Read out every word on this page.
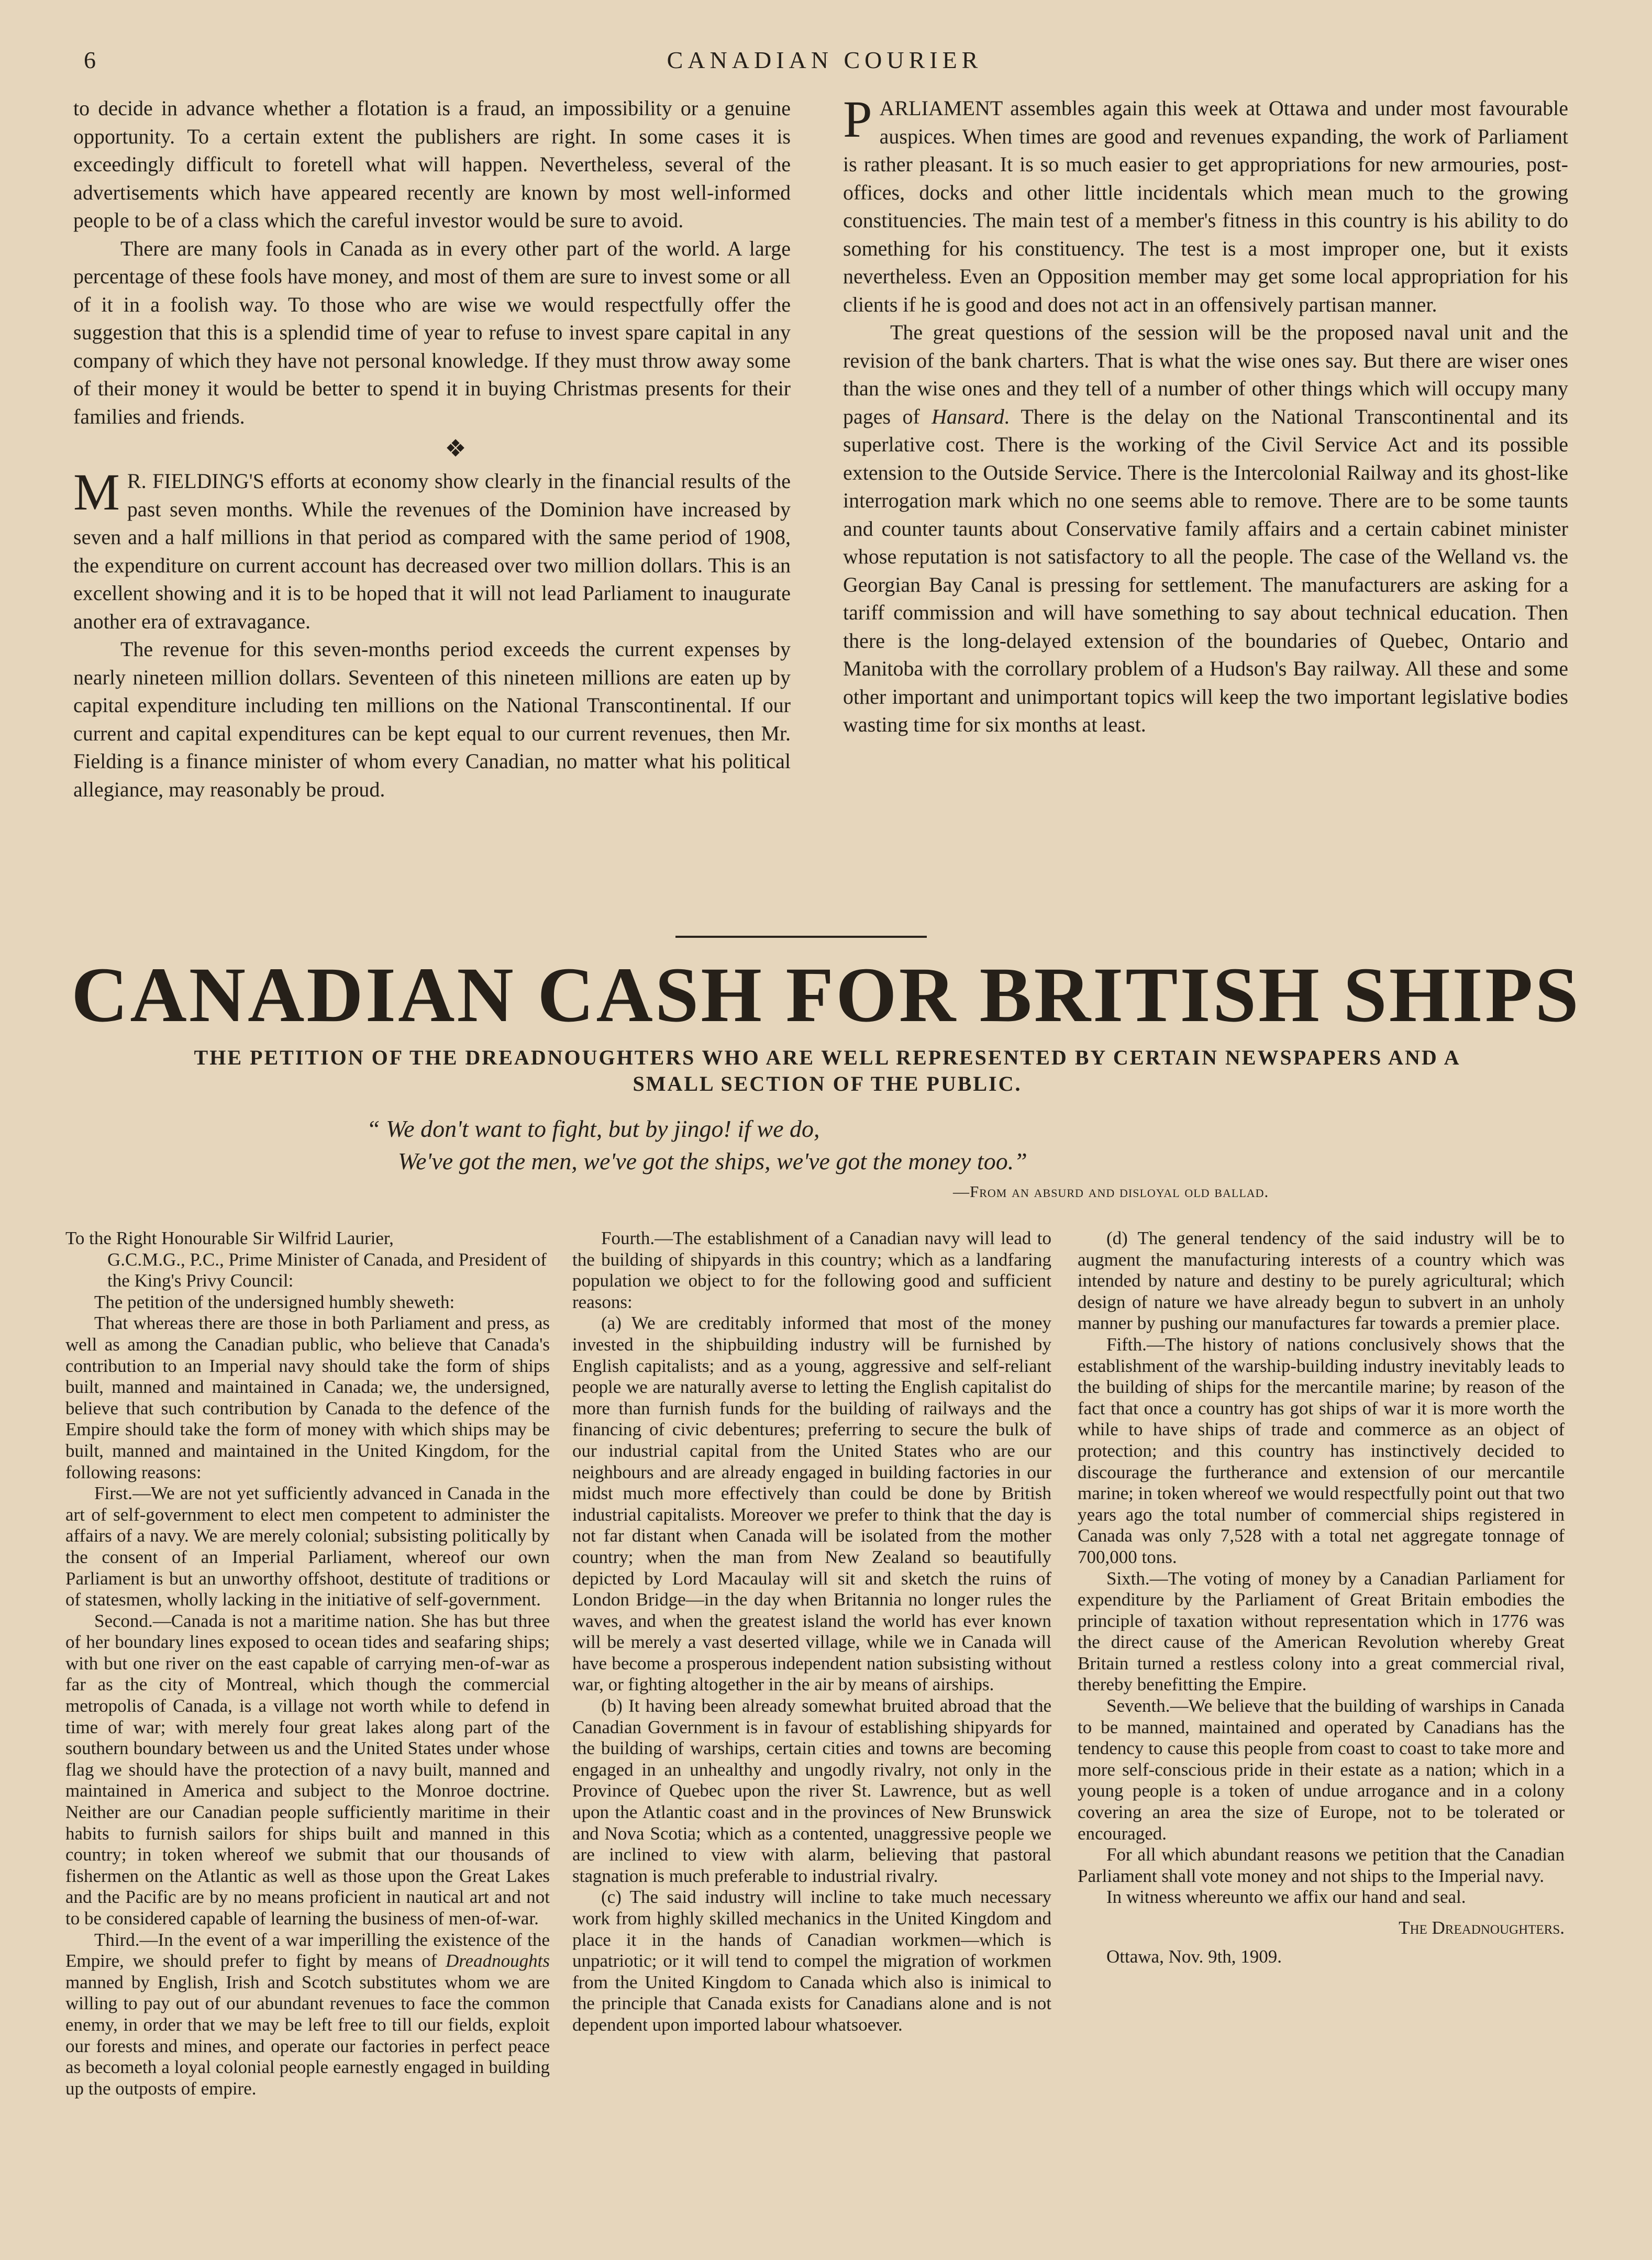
6	CANADIAN COURIER

to decide in advance whether a flotation is a fraud, an impossibility or a genuine opportunity. To a certain extent the publishers are right. In some cases it is exceedingly difficult to foretell what will happen. Nevertheless, several of the advertisements which have appeared recently are known by most well-informed people to be of a class which the careful investor would be sure to avoid.

There are many fools in Canada as in every other part of the world. A large percentage of these fools have money, and most of them are sure to invest some or all of it in a foolish way. To those who are wise we would respectfully offer the suggestion that this is a splendid time of year to refuse to invest spare capital in any company of which they have not personal knowledge. If they must throw away some of their money it would be better to spend it in buying Christmas presents for their families and friends.

❖

M R. FIELDING'S efforts at economy show clearly in the financial results of the past seven months. While the revenues of the Dominion have increased by seven and a half millions in that period as compared with the same period of 1908, the expenditure on current account has decreased over two million dollars. This is an excellent showing and it is to be hoped that it will not lead Parliament to inaugurate another era of extravagance.

The revenue for this seven-months period exceeds the current expenses by nearly nineteen million dollars. Seventeen of this nineteen millions are eaten up by capital expenditure including ten millions on the National Transcontinental. If our current and capital expenditures can be kept equal to our current revenues, then Mr. Fielding is a finance minister of whom every Canadian, no matter what his political allegiance, may reasonably be proud.

PARLIAMENT assembles again this week at Ottawa and under most favourable auspices. When times are good and revenues expanding, the work of Parliament is rather pleasant. It is so much easier to get appropriations for new armouries, post-offices, docks and other little incidentals which mean much to the growing constituencies. The main test of a member's fitness in this country is his ability to do something for his constituency. The test is a most improper one, but it exists nevertheless. Even an Opposition member may get some local appropriation for his clients if he is good and does not act in an offensively partisan manner.

The great questions of the session will be the proposed naval unit and the revision of the bank charters. That is what the wise ones say. But there are wiser ones than the wise ones and they tell of a number of other things which will occupy many pages of Hansard. There is the delay on the National Transcontinental and its superlative cost. There is the working of the Civil Service Act and its possible extension to the Outside Service. There is the Intercolonial Railway and its ghost-like interrogation mark which no one seems able to remove. There are to be some taunts and counter taunts about Conservative family affairs and a certain cabinet minister whose reputation is not satisfactory to all the people. The case of the Welland vs. the Georgian Bay Canal is pressing for settlement. The manufacturers are asking for a tariff commission and will have something to say about technical education. Then there is the long-delayed extension of the boundaries of Quebec, Ontario and Manitoba with the corrollary problem of a Hudson's Bay railway. All these and some other important and unimportant topics will keep the two important legislative bodies wasting time for six months at least.

CANADIAN CASH FOR BRITISH SHIPS
THE PETITION OF THE DREADNOUGHTERS WHO ARE WELL REPRESENTED BY CERTAIN NEWSPAPERS AND A SMALL SECTION OF THE PUBLIC.
“ We don't want to fight, but by jingo! if we do,
We've got the men, we've got the ships, we've got the money too.”
—From an absurd and disloyal old ballad.

To the Right Honourable Sir Wilfrid Laurier,
G.C.M.G., P.C., Prime Minister of Canada, and President of the King's Privy Council:

The petition of the undersigned humbly sheweth:

That whereas there are those in both Parliament and press, as well as among the Canadian public, who believe that Canada's contribution to an Imperial navy should take the form of ships built, manned and maintained in Canada; we, the undersigned, believe that such contribution by Canada to the defence of the Empire should take the form of money with which ships may be built, manned and maintained in the United Kingdom, for the following reasons:

First.—We are not yet sufficiently advanced in Canada in the art of self-government to elect men competent to administer the affairs of a navy. We are merely colonial; subsisting politically by the consent of an Imperial Parliament, whereof our own Parliament is but an unworthy offshoot, destitute of traditions or of statesmen, wholly lacking in the initiative of self-government.

Second.—Canada is not a maritime nation. She has but three of her boundary lines exposed to ocean tides and seafaring ships; with but one river on the east capable of carrying men-of-war as far as the city of Montreal, which though the commercial metropolis of Canada, is a village not worth while to defend in time of war; with merely four great lakes along part of the southern boundary between us and the United States under whose flag we should have the protection of a navy built, manned and maintained in America and subject to the Monroe doctrine. Neither are our Canadian people sufficiently maritime in their habits to furnish sailors for ships built and manned in this country; in token whereof we submit that our thousands of fishermen on the Atlantic as well as those upon the Great Lakes and the Pacific are by no means proficient in nautical art and not to be considered capable of learning the business of men-of-war.

Third.—In the event of a war imperilling the existence of the Empire, we should prefer to fight by means of Dreadnoughts manned by English, Irish and Scotch substitutes whom we are willing to pay out of our abundant revenues to face the common enemy, in order that we may be left free to till our fields, exploit our forests and mines, and operate our factories in perfect peace as becometh a loyal colonial people earnestly engaged in building up the outposts of empire.

Fourth.—The establishment of a Canadian navy will lead to the building of shipyards in this country; which as a landfaring population we object to for the following good and sufficient reasons:

(a) We are creditably informed that most of the money invested in the shipbuilding industry will be furnished by English capitalists; and as a young, aggressive and self-reliant people we are naturally averse to letting the English capitalist do more than furnish funds for the building of railways and the financing of civic debentures; preferring to secure the bulk of our industrial capital from the United States who are our neighbours and are already engaged in building factories in our midst much more effectively than could be done by British industrial capitalists. Moreover we prefer to think that the day is not far distant when Canada will be isolated from the mother country; when the man from New Zealand so beautifully depicted by Lord Macaulay will sit and sketch the ruins of London Bridge—in the day when Britannia no longer rules the waves, and when the greatest island the world has ever known will be merely a vast deserted village, while we in Canada will have become a prosperous independent nation subsisting without war, or fighting altogether in the air by means of airships.

(b) It having been already somewhat bruited abroad that the Canadian Government is in favour of establishing shipyards for the building of warships, certain cities and towns are becoming engaged in an unhealthy and ungodly rivalry, not only in the Province of Quebec upon the river St. Lawrence, but as well upon the Atlantic coast and in the provinces of New Brunswick and Nova Scotia; which as a contented, unaggressive people we are inclined to view with alarm, believing that pastoral stagnation is much preferable to industrial rivalry.

(c) The said industry will incline to take much necessary work from highly skilled mechanics in the United Kingdom and place it in the hands of Canadian workmen—which is unpatriotic; or it will tend to compel the migration of workmen from the United Kingdom to Canada which also is inimical to the principle that Canada exists for Canadians alone and is not dependent upon imported labour whatsoever.

(d) The general tendency of the said industry will be to augment the manufacturing interests of a country which was intended by nature and destiny to be purely agricultural; which design of nature we have already begun to subvert in an unholy manner by pushing our manufactures far towards a premier place.

Fifth.—The history of nations conclusively shows that the establishment of the warship-building industry inevitably leads to the building of ships for the mercantile marine; by reason of the fact that once a country has got ships of war it is more worth the while to have ships of trade and commerce as an object of protection; and this country has instinctively decided to discourage the furtherance and extension of our mercantile marine; in token whereof we would respectfully point out that two years ago the total number of commercial ships registered in Canada was only 7,528 with a total net aggregate tonnage of 700,000 tons.

Sixth.—The voting of money by a Canadian Parliament for expenditure by the Parliament of Great Britain embodies the principle of taxation without representation which in 1776 was the direct cause of the American Revolution whereby Great Britain turned a restless colony into a great commercial rival, thereby benefitting the Empire.

Seventh.—We believe that the building of warships in Canada to be manned, maintained and operated by Canadians has the tendency to cause this people from coast to coast to take more and more self-conscious pride in their estate as a nation; which in a young people is a token of undue arrogance and in a colony covering an area the size of Europe, not to be tolerated or encouraged.

For all which abundant reasons we petition that the Canadian Parliament shall vote money and not ships to the Imperial navy.

In witness whereunto we affix our hand and seal.

The Dreadnoughters.

Ottawa, Nov. 9th, 1909.
